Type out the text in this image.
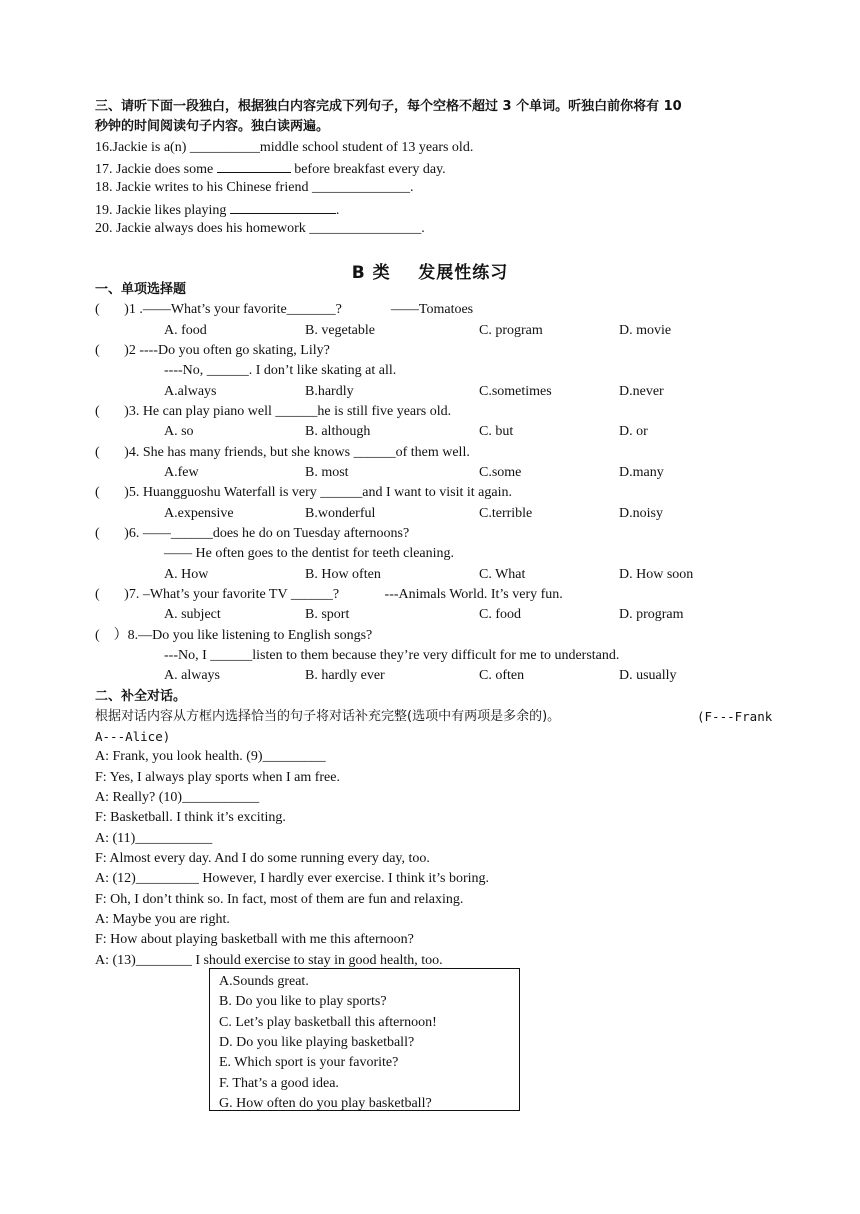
三、请听下面一段独白，根据独白内容完成下列句子，每个空格不超过 3 个单词。听独白前你将有 10
秒钟的时间阅读句子内容。独白读两遍。
16.Jackie is a(n) __________middle school student of 13 years old.
17. Jackie does some	before breakfast every day.
18. Jackie writes to his Chinese friend ______________.
19. Jackie likes playing	.
20. Jackie always does his homework ________________.
B 类    发展性练习
一、单项选择题
(       )1 .——What’s your favorite_______?              ——Tomatoes
A. food	B. vegetable	C. program	D. movie
(       )2 ----Do you often go skating, Lily?
----No, ______. I don’t like skating at all.
A.always	B.hardly	C.sometimes	D.never
(       )3. He can play piano well ______he is still five years old.
A. so	B. although	C. but	D. or
(       )4. She has many friends, but she knows ______of them well.
A.few	B. most	C.some	D.many
(       )5. Huangguoshu Waterfall is very ______and I want to visit it again.
A.expensive	B.wonderful	C.terrible	D.noisy
(       )6. ——______does he do on Tuesday afternoons?
—— He often goes to the dentist for teeth cleaning.
A. How	B. How often	C. What	D. How soon
(       )7. –What’s your favorite TV ______?             ---Animals World. It’s very fun.
A. subject	B. sport	C. food	D. program
(    ）8.—Do you like listening to English songs?
---No, I ______listen to them because they’re very difficult for me to understand.
A. always	B. hardly ever	C. often	D. usually
二、补全对话。
根据对话内容从方框内选择恰当的句子将对话补充完整(选项中有两项是多余的)。	(F---Frank
A---Alice)
A: Frank, you look health. (9)_________
F: Yes, I always play sports when I am free.
A: Really? (10)___________
F: Basketball. I think it’s exciting.
A: (11)___________
F: Almost every day. And I do some running every day, too.
A: (12)_________ However, I hardly ever exercise. I think it’s boring.
F: Oh, I don’t think so. In fact, most of them are fun and relaxing.
A: Maybe you are right.
F: How about playing basketball with me this afternoon?
A: (13)________ I should exercise to stay in good health, too.
A.Sounds great.
B. Do you like to play sports?
C. Let’s play basketball this afternoon!
D. Do you like playing basketball?
E. Which sport is your favorite?
F. That’s a good idea.
G. How often do you play basketball?
